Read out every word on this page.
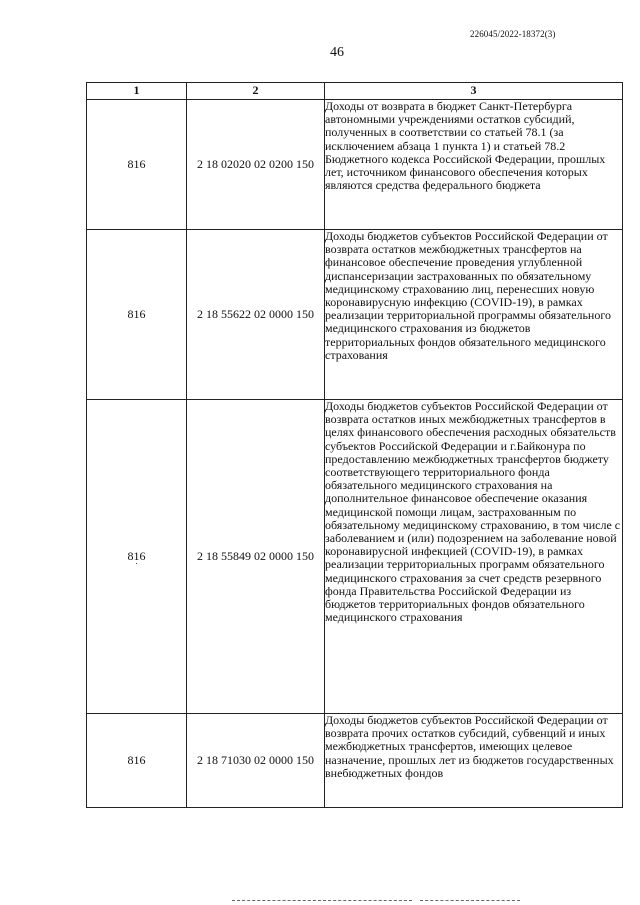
226045/2022-18372(3)
46
1	2	3
816	2 18 02020 02 0200 150	Доходы от возврата в бюджет Санкт-Петербурга автономными учреждениями остатков субсидий, полученных в соответствии со статьей 78.1 (за исключением абзаца 1 пункта 1) и статьей 78.2 Бюджетного кодекса Российской Федерации, прошлых лет, источником финансового обеспечения которых являются средства федерального бюджета
816	2 18 55622 02 0000 150	Доходы бюджетов субъектов Российской Федерации от возврата остатков межбюджетных трансфертов на финансовое обеспечение проведения углубленной диспансеризации застрахованных по обязательному медицинскому страхованию лиц, перенесших новую коронавирусную инфекцию (COVID-19), в рамках реализации территориальной программы обязательного медицинского страхования из бюджетов территориальных фондов обязательного медицинского страхования
816	2 18 55849 02 0000 150	Доходы бюджетов субъектов Российской Федерации от возврата остатков иных межбюджетных трансфертов в целях финансового обеспечения расходных обязательств субъектов Российской Федерации и г.Байконура по предоставлению межбюджетных трансфертов бюджету соответствующего территориального фонда обязательного медицинского страхования на дополнительное финансовое обеспечение оказания медицинской помощи лицам, застрахованным по обязательному медицинскому страхованию, в том числе с заболеванием и (или) подозрением на заболевание новой коронавирусной инфекцией (COVID-19), в рамках реализации территориальных программ обязательного медицинского страхования за счет средств резервного фонда Правительства Российской Федерации из бюджетов территориальных фондов обязательного медицинского страхования
816	2 18 71030 02 0000 150	Доходы бюджетов субъектов Российской Федерации от возврата прочих остатков субсидий, субвенций и иных межбюджетных трансфертов, имеющих целевое назначение, прошлых лет из бюджетов государственных внебюджетных фондов
